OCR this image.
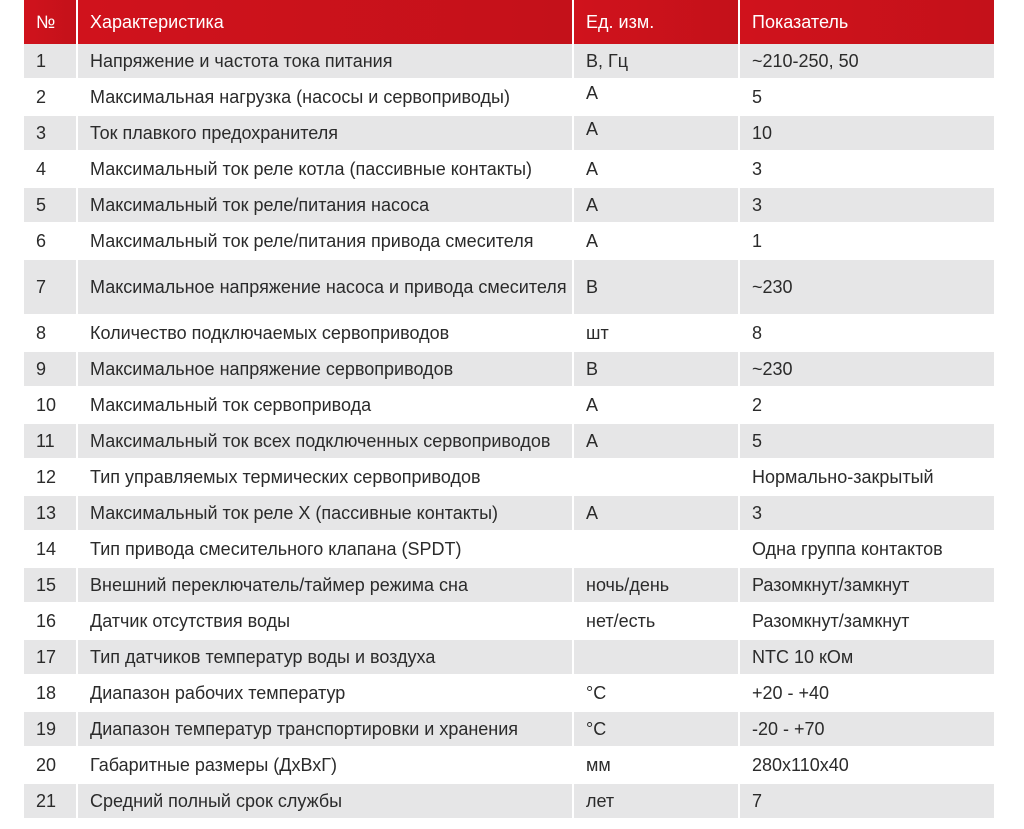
№	Характеристика	Ед. изм.	Показатель
1	Напряжение и частота тока питания	В, Гц	~210-250, 50
2	Максимальная нагрузка (насосы и сервоприводы)	А	5
3	Ток плавкого предохранителя	А	10
4	Максимальный ток реле котла (пассивные контакты)	А	3
5	Максимальный ток реле/питания насоса	А	3
6	Максимальный ток реле/питания привода смесителя	А	1
7	Максимальное напряжение насоса и привода смесителя	В	~230
8	Количество подключаемых сервоприводов	шт	8
9	Максимальное напряжение сервоприводов	В	~230
10	Максимальный ток сервопривода	А	2
11	Максимальный ток всех подключенных сервоприводов	А	5
12	Тип управляемых термических сервоприводов		Нормально-закрытый
13	Максимальный ток реле X (пассивные контакты)	А	3
14	Тип привода смесительного клапана (SPDT)		Одна группа контактов
15	Внешний переключатель/таймер режима сна	ночь/день	Разомкнут/замкнут
16	Датчик отсутствия воды	нет/есть	Разомкнут/замкнут
17	Тип датчиков температур воды и воздуха		NTC 10 кОм
18	Диапазон рабочих температур	°С	+20 - +40
19	Диапазон температур транспортировки и хранения	°С	-20 - +70
20	Габаритные размеры (ДхВхГ)	мм	280x110x40
21	Средний полный срок службы	лет	7
